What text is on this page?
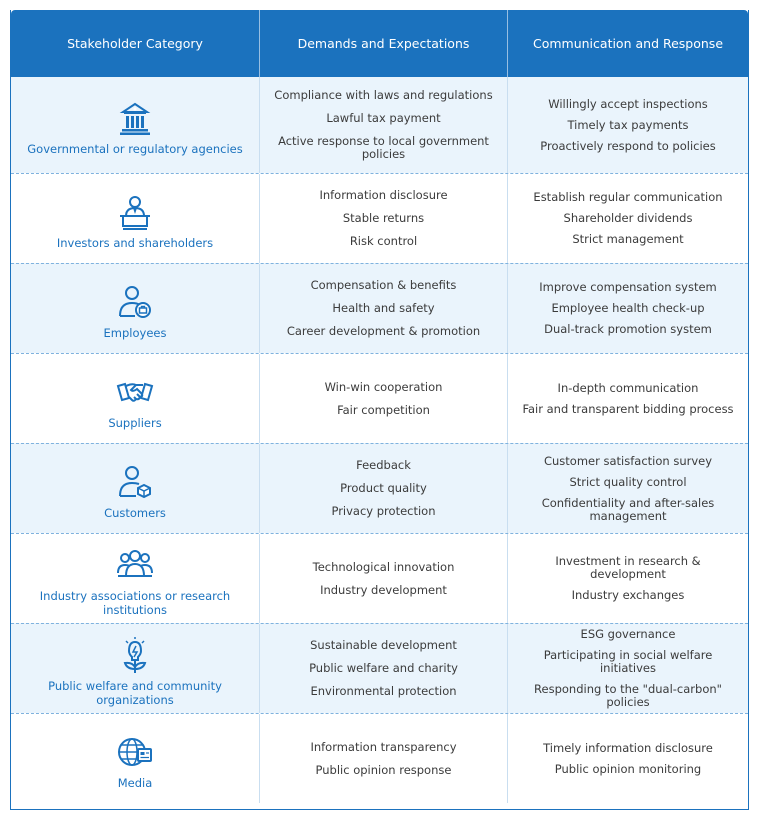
Stakeholder Category	Demands and Expectations	Communication and Response
Governmental or regulatory agencies
Compliance with laws and regulations
Lawful tax payment
Active response to local government policies
Willingly accept inspections
Timely tax payments
Proactively respond to policies
Investors and shareholders
Information disclosure
Stable returns
Risk control
Establish regular communication
Shareholder dividends
Strict management
Employees
Compensation & benefits
Health and safety
Career development & promotion
Improve compensation system
Employee health check-up
Dual-track promotion system
Suppliers
Win-win cooperation
Fair competition
In-depth communication
Fair and transparent bidding process
Customers
Feedback
Product quality
Privacy protection
Customer satisfaction survey
Strict quality control
Confidentiality and after-sales management
Industry associations or research institutions
Technological innovation
Industry development
Investment in research & development
Industry exchanges
Public welfare and community organizations
Sustainable development
Public welfare and charity
Environmental protection
ESG governance
Participating in social welfare initiatives
Responding to the "dual-carbon" policies
Media
Information transparency
Public opinion response
Timely information disclosure
Public opinion monitoring
